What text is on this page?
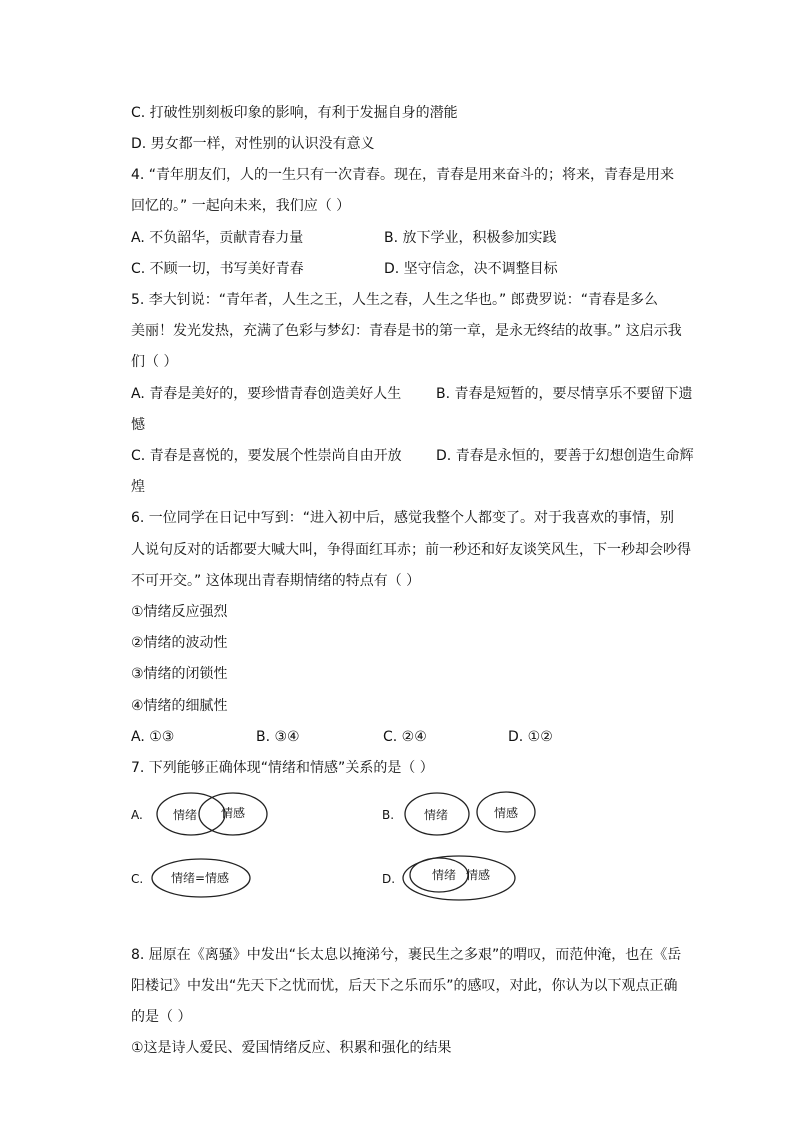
C. 打破性别刻板印象的影响，有利于发掘自身的潜能
D. 男女都一样，对性别的认识没有意义
4. “青年朋友们，人的一生只有一次青春。现在，青春是用来奋斗的；将来，青春是用来
回忆的。” 一起向未来，我们应（ ）
A. 不负韶华，贡献青春力量	B. 放下学业，积极参加实践
C. 不顾一切，书写美好青春	D. 坚守信念，决不调整目标
5. 李大钊说：“青年者，人生之王，人生之春，人生之华也。” 郎费罗说：“青春是多么
美丽！发光发热，充满了色彩与梦幻：青春是书的第一章，是永无终结的故事。” 这启示我
们（ ）
A. 青春是美好的，要珍惜青春创造美好人生	B. 青春是短暂的，要尽情享乐不要留下遗
憾
C. 青春是喜悦的，要发展个性崇尚自由开放	D. 青春是永恒的，要善于幻想创造生命辉
煌
6. 一位同学在日记中写到：“进入初中后，感觉我整个人都变了。对于我喜欢的事情，别
人说句反对的话都要大喊大叫，争得面红耳赤；前一秒还和好友谈笑风生，下一秒却会吵得
不可开交。” 这体现出青春期情绪的特点有（ ）
①情绪反应强烈
②情绪的波动性
③情绪的闭锁性
④情绪的细腻性
A. ①③	B. ③④	C. ②④	D. ①②
7. 下列能够正确体现“情绪和情感”关系的是（ ）
A.	情绪 情感	B. 情绪	情感
C. 情绪=情感	D.	情绪 情感
8. 屈原在《离骚》中发出“长太息以掩涕兮，裹民生之多艰”的喟叹，而范仲淹，也在《岳
阳楼记》中发出“先天下之忧而忧，后天下之乐而乐”的感叹，对此，你认为以下观点正确
的是（ ）
①这是诗人爱民、爱国情绪反应、积累和强化的结果
